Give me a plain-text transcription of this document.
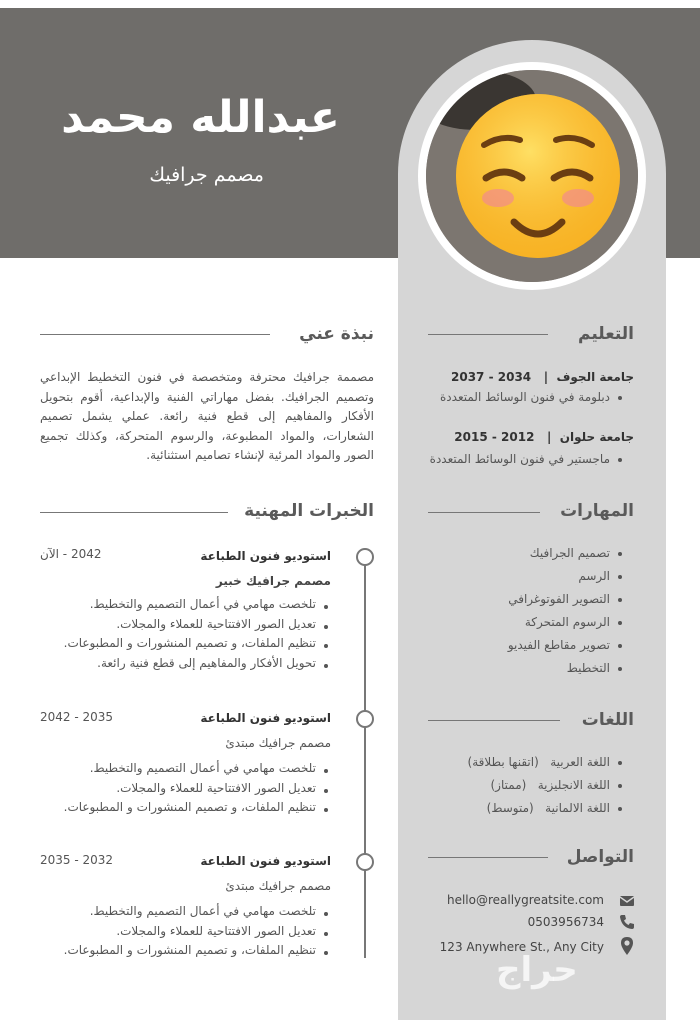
عبدالله محمد
مصمم جرافيك
التعليم
جامعة الجوف  |   2034 - 2037
دبلومة في فنون الوسائط المتعددة
جامعة حلوان  |   2012 - 2015
ماجستير في فنون الوسائط المتعددة
المهارات
تصميم الجرافيك
الرسم
التصوير الفوتوغرافي
الرسوم المتحركة
تصوير مقاطع الفيديو
التخطيط
اللغات
اللغة العربية   (اتقنها بطلاقة)
اللغة الانجليزية   (ممتاز)
اللغة الالمانية   (متوسط)
التواصل
hello@reallygreatsite.com
0503956734
123 Anywhere St., Any City
نبذة عني
مصممة جرافيك محترفة ومتخصصة في فنون التخطيط الإبداعي وتصميم الجرافيك. بفضل مهاراتي الفنية والإبداعية، أقوم بتحويل الأفكار والمفاهيم إلى قطع فنية رائعة. عملي يشمل تصميم الشعارات، والمواد المطبوعة، والرسوم المتحركة، وكذلك تجميع الصور والمواد المرئية لإنشاء تصاميم استثنائية.
الخبرات المهنية
استوديو فنون الطباعة
مصمم جرافيك خبير
2042 - الآن
تلخصت مهامي في أعمال التصميم والتخطيط.
تعديل الصور الافتتاحية للعملاء والمجلات.
تنظيم الملفات، و تصميم المنشورات و المطبوعات.
تحويل الأفكار والمفاهيم إلى قطع فنية رائعة.
استوديو فنون الطباعة
مصمم جرافيك مبتدئ
2035 - 2042
تلخصت مهامي في أعمال التصميم والتخطيط.
تعديل الصور الافتتاحية للعملاء والمجلات.
تنظيم الملفات، و تصميم المنشورات و المطبوعات.
استوديو فنون الطباعة
مصمم جرافيك مبتدئ
2032 - 2035
تلخصت مهامي في أعمال التصميم والتخطيط.
تعديل الصور الافتتاحية للعملاء والمجلات.
تنظيم الملفات، و تصميم المنشورات و المطبوعات.	حراج
